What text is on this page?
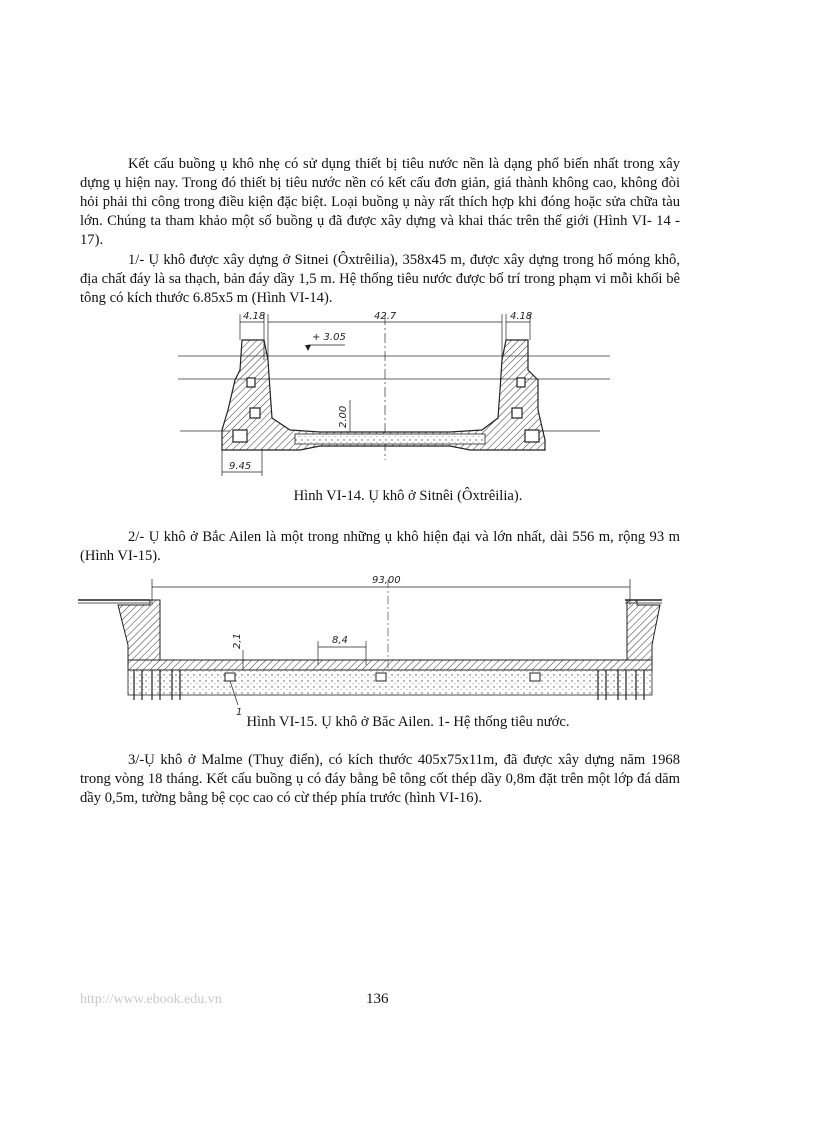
Kết cấu buồng ụ khô nhẹ có sử dụng thiết bị tiêu nước nền là dạng phổ biến nhất trong xây dựng ụ hiện nay. Trong đó thiết bị tiêu nước nền có kết cấu đơn giản, giá thành không cao, không đòi hỏi phải thi công trong điều kiện đặc biệt. Loại buồng ụ này rất thích hợp khi đóng hoặc sửa chữa tàu lớn. Chúng ta tham khảo một số buồng ụ đã được xây dựng và khai thác trên thế giới (Hình VI- 14 - 17).

1/- Ụ khô được xây dựng ở Sitnei (Ôxtrêilia), 358x45 m, được xây dựng trong hố móng khô, địa chất đáy là sa thạch, bản đáy dầy 1,5 m. Hệ thống tiêu nước được bố trí trong phạm vi mỗi khối bê tông có kích thước 6.85x5 m (Hình VI-14).

4.18	42.7	4.18
+ 3.05
2.00
9.45

Hình VI-14. Ụ khô ở Sitnêi (Ôxtrêilia).

2/- Ụ khô ở Bắc Ailen là một trong những ụ khô hiện đại và lớn nhất, dài 556 m, rộng 93 m (Hình VI-15).

93,00
2,1	8,4
1

Hình VI-15. Ụ khô ở Băc Ailen. 1- Hệ thống tiêu nước.

3/-Ụ khô ở Malme (Thuỵ điển), có kích thước 405x75x11m, đã được xây dựng năm 1968 trong vòng 18 tháng. Kết cấu buồng ụ có đáy bằng bê tông cốt thép dầy 0,8m đặt trên một lớp đá dăm dầy 0,5m, tường bằng bệ cọc cao có cừ thép phía trước (hình VI-16).

http://www.ebook.edu.vn	136
